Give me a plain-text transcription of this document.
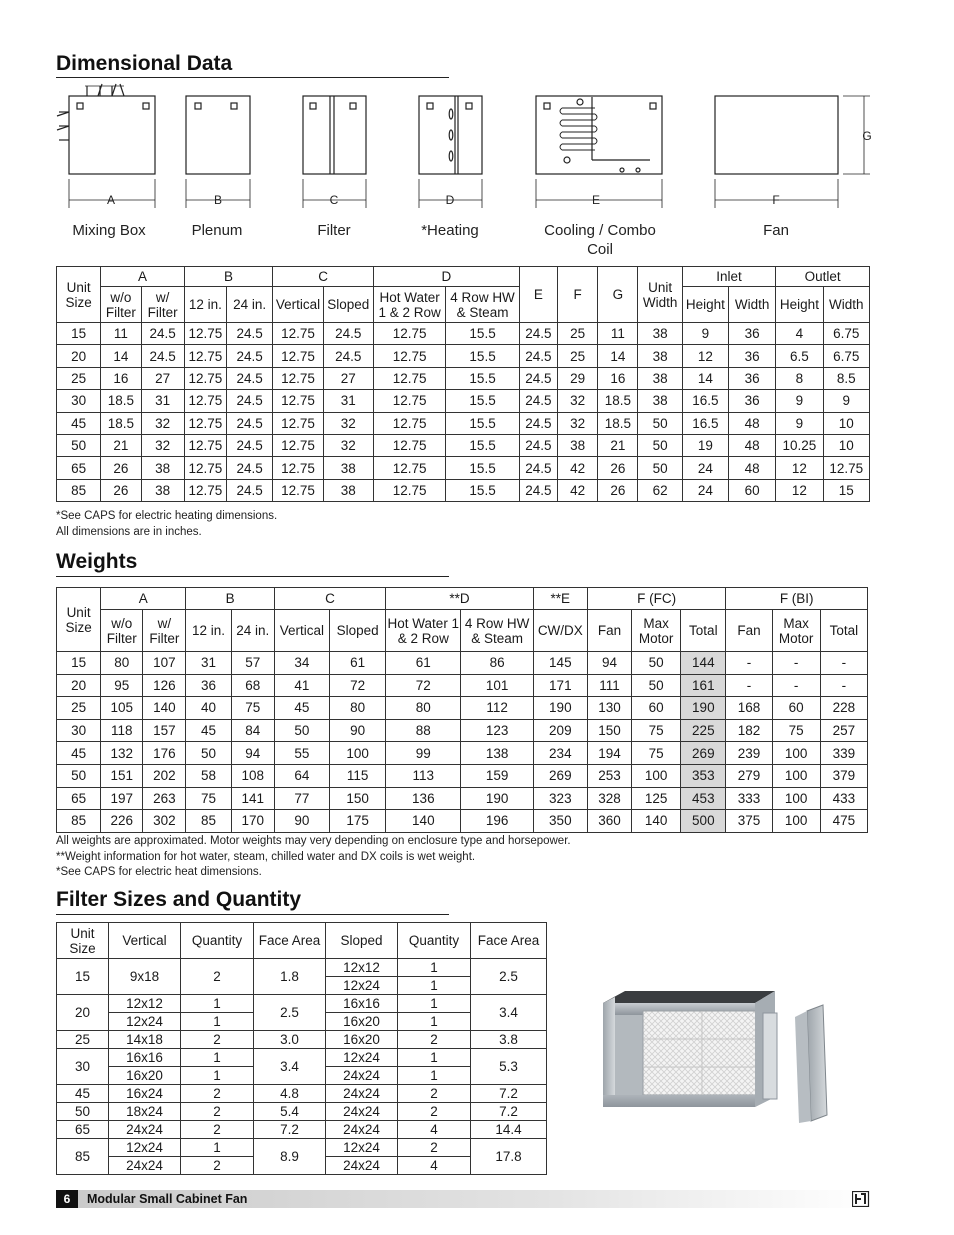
Dimensional Data
A	B	C	D	E	F
G
Mixing Box	Plenum	Filter	*Heating	Cooling / Combo Coil
Fan
Unit Size	A		B		C		D		E	F	G	Unit Width	Inlet		Outlet	
	w/o Filter	w/ Filter	12 in.	24 in.	Vertical	Sloped	Hot Water 1 & 2 Row	4 Row HW & Steam					Height	Width	Height	Width
15	11	24.5	12.75	24.5	12.75	24.5	12.75	15.5	24.5	25	11	38	9	36	4	6.75
20	14	24.5	12.75	24.5	12.75	24.5	12.75	15.5	24.5	25	14	38	12	36	6.5	6.75
25	16	27	12.75	24.5	12.75	27	12.75	15.5	24.5	29	16	38	14	36	8	8.5
30	18.5	31	12.75	24.5	12.75	31	12.75	15.5	24.5	32	18.5	38	16.5	36	9	9
45	18.5	32	12.75	24.5	12.75	32	12.75	15.5	24.5	32	18.5	50	16.5	48	9	10
50	21	32	12.75	24.5	12.75	32	12.75	15.5	24.5	38	21	50	19	48	10.25	10
65	26	38	12.75	24.5	12.75	38	12.75	15.5	24.5	42	26	50	24	48	12	12.75
85	26	38	12.75	24.5	12.75	38	12.75	15.5	24.5	42	26	62	24	60	12	15
*See CAPS for electric heating dimensions.
All dimensions are in inches.
Weights
Unit Size	A		B		C		**D		**E	F (FC)			F (BI)		
	w/o Filter	w/ Filter	12 in.	24 in.	Vertical	Sloped	Hot Water 1 & 2 Row	4 Row HW & Steam	CW/DX	Fan	Max Motor	Total	Fan	Max Motor	Total
15	80	107	31	57	34	61	61	86	145	94	50	144	-	-	-
20	95	126	36	68	41	72	72	101	171	111	50	161	-	-	-
25	105	140	40	75	45	80	80	112	190	130	60	190	168	60	228
30	118	157	45	84	50	90	88	123	209	150	75	225	182	75	257
45	132	176	50	94	55	100	99	138	234	194	75	269	239	100	339
50	151	202	58	108	64	115	113	159	269	253	100	353	279	100	379
65	197	263	75	141	77	150	136	190	323	328	125	453	333	100	433
85	226	302	85	170	90	175	140	196	350	360	140	500	375	100	475
All weights are approximated. Motor weights may very depending on enclosure type and horsepower.
**Weight information for hot water, steam, chilled water and DX coils is wet weight.
*See CAPS for electric heat dimensions.
Filter Sizes and Quantity
Unit Size	Vertical	Quantity	Face Area	Sloped	Quantity	Face Area
15	9x18	2	1.8	12x12	1	2.5
				12x24	1	
20	12x12	1	2.5	16x16	1	3.4
	12x24	1		16x20	1	
25	14x18	2	3.0	16x20	2	3.8
30	16x16	1	3.4	12x24	1	5.3
	16x20	1		24x24	1	
45	16x24	2	4.8	24x24	2	7.2
50	18x24	2	5.4	24x24	2	7.2
65	24x24	2	7.2	24x24	4	14.4
85	12x24	1	8.9	12x24	2	17.8
	24x24	2		24x24	4	
6	Modular Small Cabinet Fan
